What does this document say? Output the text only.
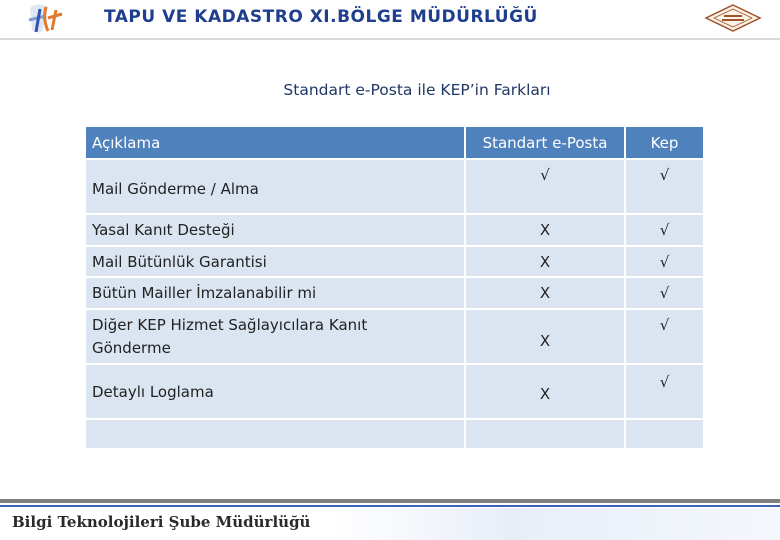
TAPU VE KADASTRO XI.BÖLGE MÜDÜRLÜĞÜ
Standart e-Posta ile KEP’in Farkları
Açıklama	Standart e-Posta	Kep
Mail Gönderme / Alma	√	√
Yasal Kanıt Desteği	X	√
Mail Bütünlük Garantisi	X	√
Bütün Mailler İmzalanabilir mi	X	√
Diğer KEP Hizmet Sağlayıcılara Kanıt Gönderme	X	√
Detaylı Loglama	X	√

Bilgi Teknolojileri Şube Müdürlüğü
